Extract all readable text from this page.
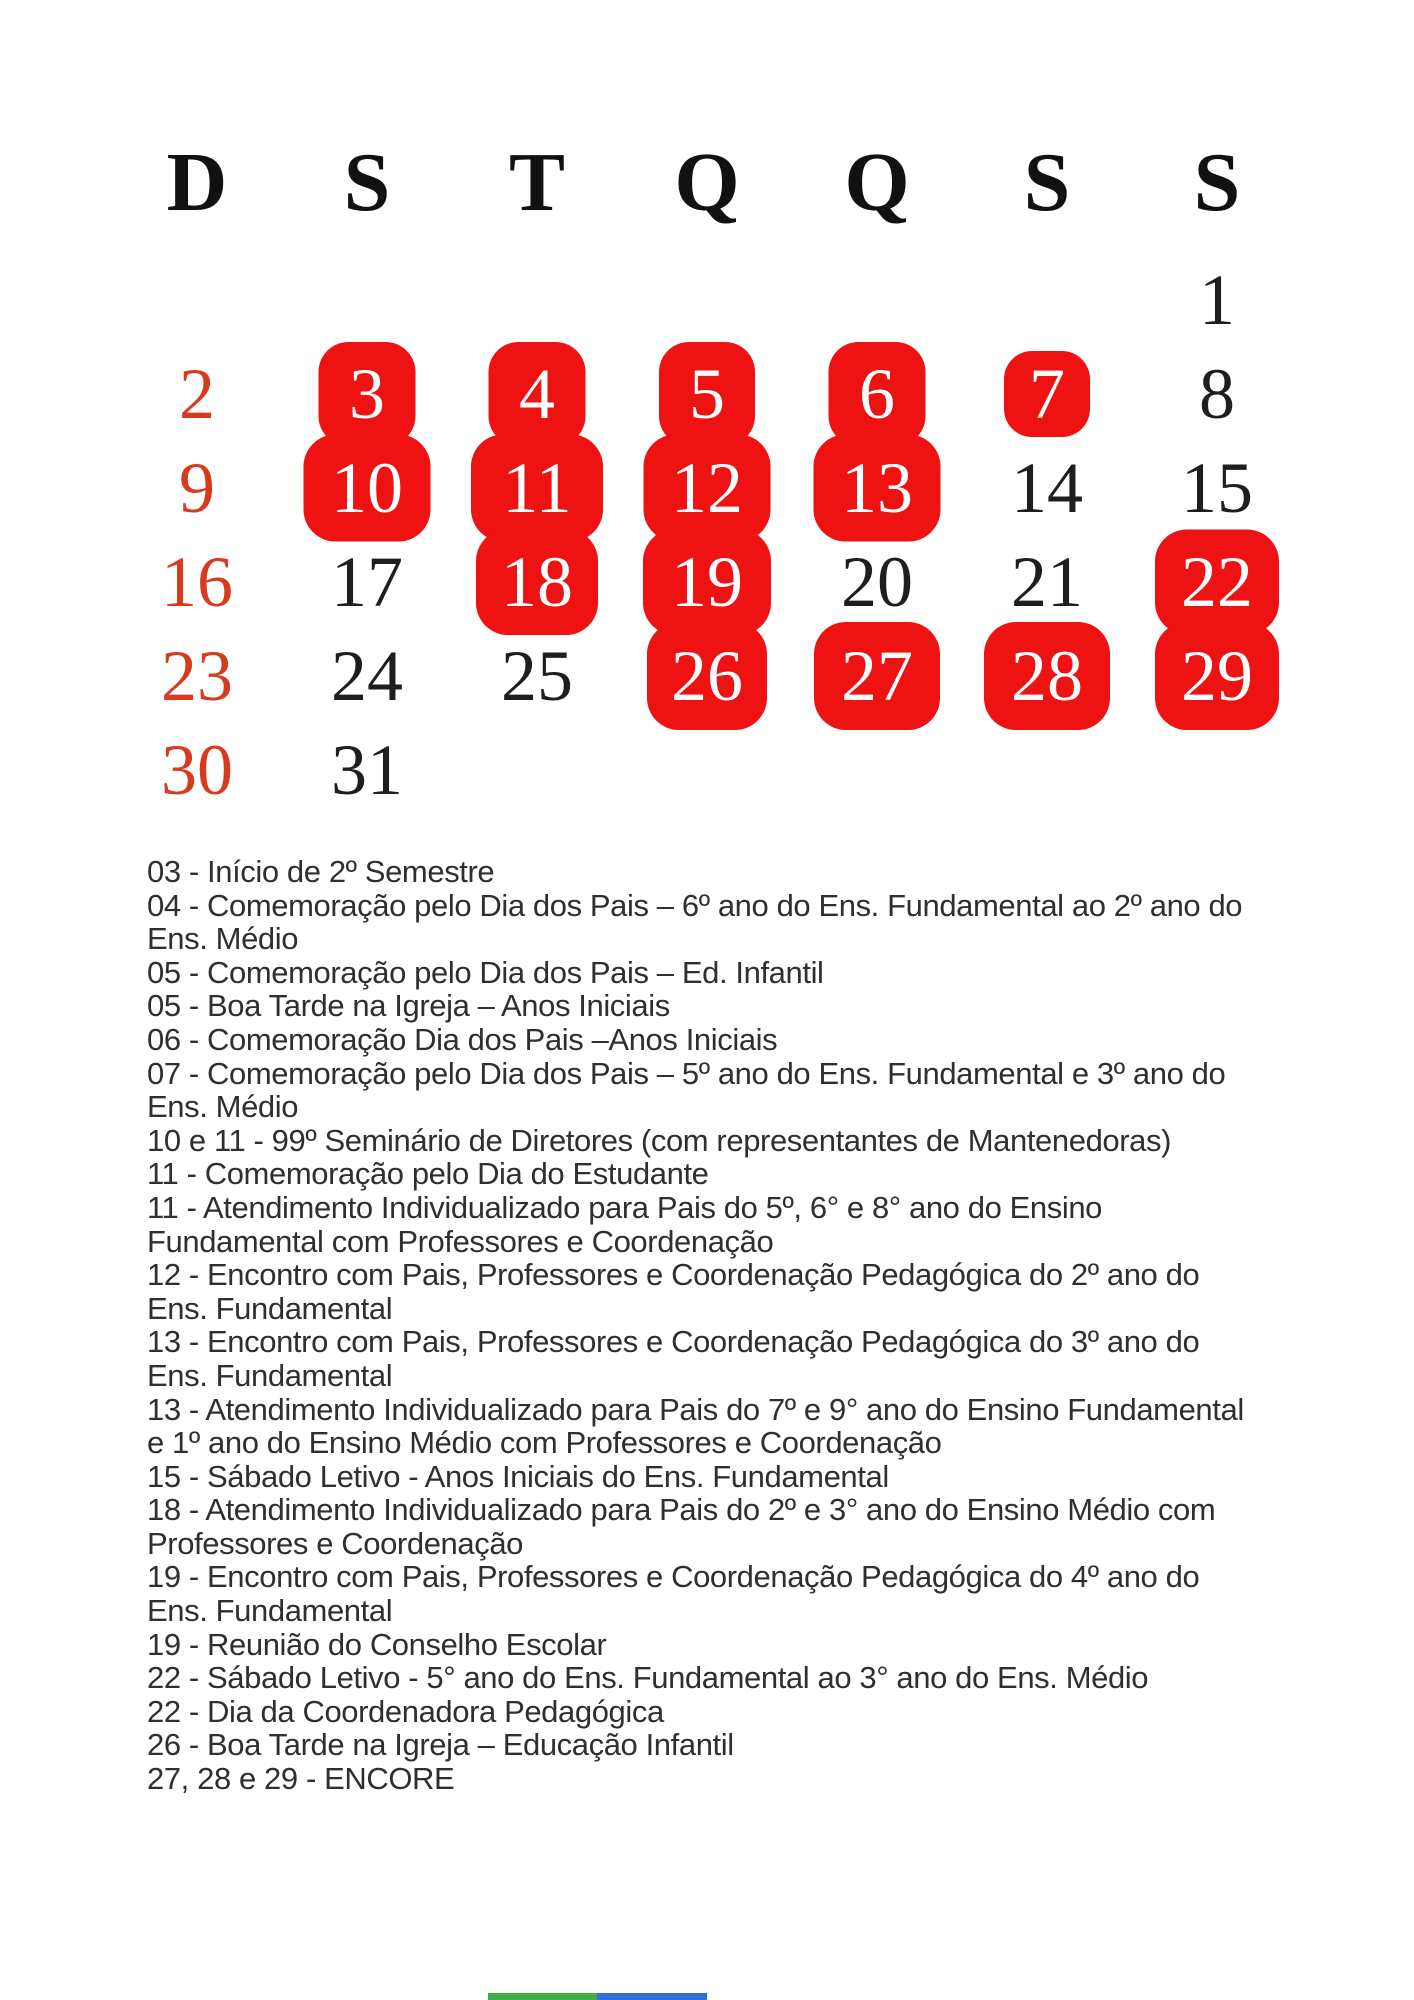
D S T Q Q S S
1
2 3 4 5 6 7 8
9 10 11 12 13 14 15
16 17 18 19 20 21 22
23 24 25 26 27 28 29
30 31
03 - Início de 2º Semestre
04 - Comemoração pelo Dia dos Pais – 6º ano do Ens. Fundamental ao 2º ano do
Ens. Médio
05 - Comemoração pelo Dia dos Pais – Ed. Infantil
05 - Boa Tarde na Igreja – Anos Iniciais
06 - Comemoração Dia dos Pais –Anos Iniciais
07 - Comemoração pelo Dia dos Pais – 5º ano do Ens. Fundamental e 3º ano do
Ens. Médio
10 e 11 - 99º Seminário de Diretores (com representantes de Mantenedoras)
11 - Comemoração pelo Dia do Estudante
11 - Atendimento Individualizado para Pais do 5º, 6° e 8° ano do Ensino
Fundamental com Professores e Coordenação
12 - Encontro com Pais, Professores e Coordenação Pedagógica do 2º ano do
Ens. Fundamental
13 - Encontro com Pais, Professores e Coordenação Pedagógica do 3º ano do
Ens. Fundamental
13 - Atendimento Individualizado para Pais do 7º e 9° ano do Ensino Fundamental
e 1º ano do Ensino Médio com Professores e Coordenação
15 - Sábado Letivo - Anos Iniciais do Ens. Fundamental
18 - Atendimento Individualizado para Pais do 2º e 3° ano do Ensino Médio com
Professores e Coordenação
19 - Encontro com Pais, Professores e Coordenação Pedagógica do 4º ano do
Ens. Fundamental
19 - Reunião do Conselho Escolar
22 - Sábado Letivo - 5° ano do Ens. Fundamental ao 3° ano do Ens. Médio
22 - Dia da Coordenadora Pedagógica
26 - Boa Tarde na Igreja – Educação Infantil
27, 28 e 29 - ENCORE
